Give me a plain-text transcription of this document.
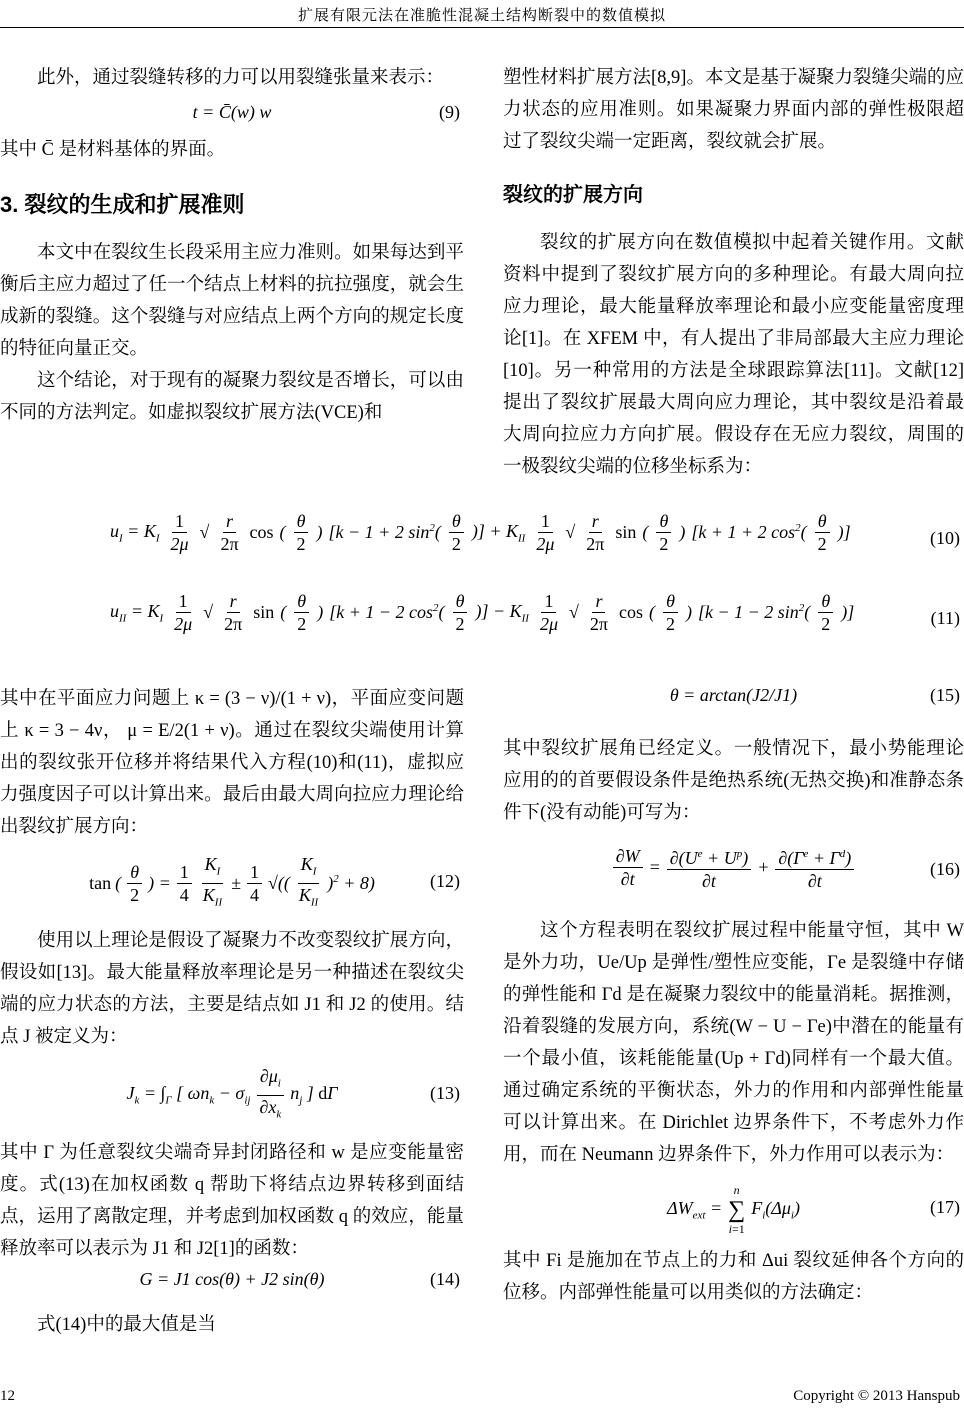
扩展有限元法在准脆性混凝土结构断裂中的数值模拟

此外，通过裂缝转移的力可以用裂缝张量来表示：

t = C̄(w) w	(9)

其中 C̄ 是材料基体的界面。

3. 裂纹的生成和扩展准则

本文中在裂纹生长段采用主应力准则。如果每达到平衡后主应力超过了任一个结点上材料的抗拉强度，就会生成新的裂缝。这个裂缝与对应结点上两个方向的规定长度的特征向量正交。

这个结论，对于现有的凝聚力裂纹是否增长，可以由不同的方法判定。如虚拟裂纹扩展方法(VCE)和

塑性材料扩展方法[8,9]。本文是基于凝聚力裂缝尖端的应力状态的应用准则。如果凝聚力界面内部的弹性极限超过了裂纹尖端一定距离，裂纹就会扩展。

裂纹的扩展方向

裂纹的扩展方向在数值模拟中起着关键作用。文献资料中提到了裂纹扩展方向的多种理论。有最大周向拉应力理论，最大能量释放率理论和最小应变能量密度理论[1]。在 XFEM 中，有人提出了非局部最大主应力理论[10]。另一种常用的方法是全球跟踪算法[11]。文献[12]提出了裂纹扩展最大周向应力理论，其中裂纹是沿着最大周向拉应力方向扩展。假设存在无应力裂纹，周围的一极裂纹尖端的位移坐标系为：

$u_I = K_I \frac{1}{2\mu}$ √ $\frac{r}{2\pi}$ cos ( $\frac{\theta}{2}$ ) [k − 1 + 2 $\sin^2( \frac{\theta}{2}$ )] + $K_{II} \frac{1}{2\mu}$ √ $\frac{r}{2\pi}$ sin ( $\frac{\theta}{2}$ ) [k + 1 + 2 $\cos^2( \frac{\theta}{2}$ )]	(10)
$u_{II} = K_I \frac{1}{2\mu}$ √ $\frac{r}{2\pi}$ sin ( $\frac{\theta}{2}$ ) [k + 1 − 2 $\cos^2( \frac{\theta}{2}$ )] − $K_{II} \frac{1}{2\mu}$ √ $\frac{r}{2\pi}$ cos ( $\frac{\theta}{2}$ ) [k − 1 − 2 $\sin^2( \frac{\theta}{2}$ )]	(11)

其中在平面应力问题上 κ = (3 − ν)/(1 + ν)，平面应变问题上 κ = 3 − 4ν， μ = E/2(1 + ν)。通过在裂纹尖端使用计算出的裂纹张开位移并将结果代入方程(10)和(11)，虚拟应力强度因子可以计算出来。最后由最大周向拉应力理论给出裂纹扩展方向：

tan ( $\frac{\theta}{2}$ ) = $\frac{1}{4} \frac{K_I}{K_{II}} \pm \frac{1}{4}$ √(( $\frac{K_I}{K_{II}} )^2 + 8$)	(12)

使用以上理论是假设了凝聚力不改变裂纹扩展方向，假设如[13]。最大能量释放率理论是另一种描述在裂纹尖端的应力状态的方法，主要是结点如 J1 和 J2 的使用。结点 J 被定义为：

$J_k = \int_\Gamma$ [ $\omega n_k - \sigma_{ij} \frac{\partial\mu_i}{\partial x_k} n_j$ ] dΓ	(13)

其中 Γ 为任意裂纹尖端奇异封闭路径和 w 是应变能量密度。式(13)在加权函数 q 帮助下将结点边界转移到面结点，运用了离散定理，并考虑到加权函数 q 的效应，能量释放率可以表示为 J1 和 J2[1]的函数：

G = J1 cos(θ) + J2 sin(θ)	(14)

式(14)中的最大值是当

θ = arctan(J2/J1)	(15)

其中裂纹扩展角已经定义。一般情况下，最小势能理论应用的的首要假设条件是绝热系统(无热交换)和准静态条件下(没有动能)可写为：

$\frac{\partial W}{\partial t} = \frac{\partial(U^e + U^p)}{\partial t} + \frac{\partial(\Gamma^e + \Gamma^d)}{\partial t}$	(16)

这个方程表明在裂纹扩展过程中能量守恒，其中 W 是外力功，Ue/Up 是弹性/塑性应变能，Γe 是裂缝中存储的弹性能和 Γd 是在凝聚力裂纹中的能量消耗。据推测，沿着裂缝的发展方向，系统(W − U − Γe)中潜在的能量有一个最小值，该耗能能量(Up + Γd)同样有一个最大值。通过确定系统的平衡状态，外力的作用和内部弹性能量可以计算出来。在 Dirichlet 边界条件下，不考虑外力作用，而在 Neumann 边界条件下，外力作用可以表示为：

$\Delta W_{ext}$ =
n
∑
i=1
$F_i(\Delta\mu_i)$	(17)

其中 Fi 是施加在节点上的力和 Δui 裂纹延伸各个方向的位移。内部弹性能量可以用类似的方法确定：

12	Copyright © 2013 Hanspub
